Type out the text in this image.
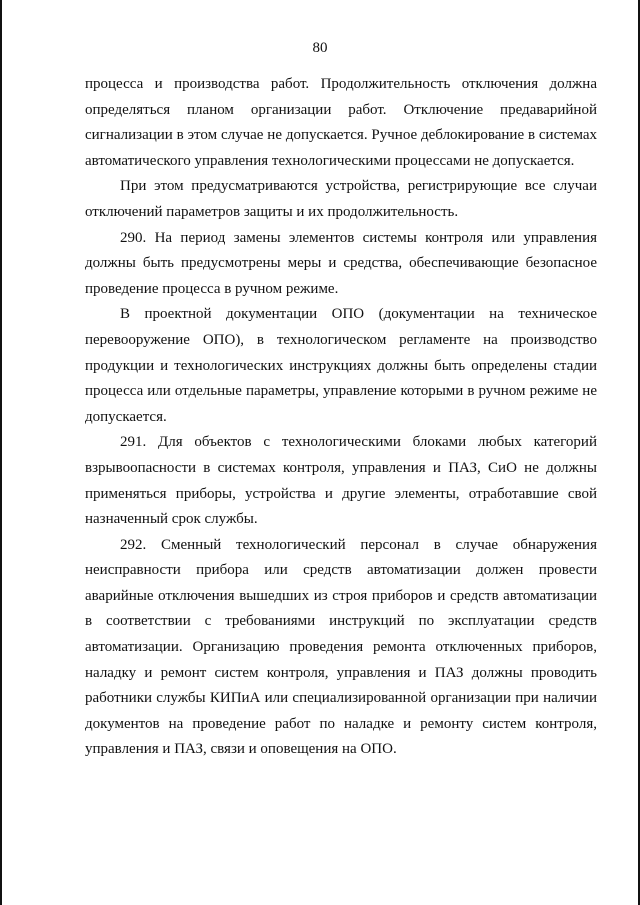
80

процесса и производства работ. Продолжительность отключения должна определяться планом организации работ. Отключение предаварийной сигнализации в этом случае не допускается. Ручное деблокирование в системах автоматического управления технологическими процессами не допускается.

При этом предусматриваются устройства, регистрирующие все случаи отключений параметров защиты и их продолжительность.

290. На период замены элементов системы контроля или управления должны быть предусмотрены меры и средства, обеспечивающие безопасное проведение процесса в ручном режиме.

В проектной документации ОПО (документации на техническое перевооружение ОПО), в технологическом регламенте на производство продукции и технологических инструкциях должны быть определены стадии процесса или отдельные параметры, управление которыми в ручном режиме не допускается.

291. Для объектов с технологическими блоками любых категорий взрывоопасности в системах контроля, управления и ПАЗ, СиО не должны применяться приборы, устройства и другие элементы, отработавшие свой назначенный срок службы.

292. Сменный технологический персонал в случае обнаружения неисправности прибора или средств автоматизации должен провести аварийные отключения вышедших из строя приборов и средств автоматизации в соответствии с требованиями инструкций по эксплуатации средств автоматизации. Организацию проведения ремонта отключенных приборов, наладку и ремонт систем контроля, управления и ПАЗ должны проводить работники службы КИПиА или специализированной организации при наличии документов на проведение работ по наладке и ремонту систем контроля, управления и ПАЗ, связи и оповещения на ОПО.
